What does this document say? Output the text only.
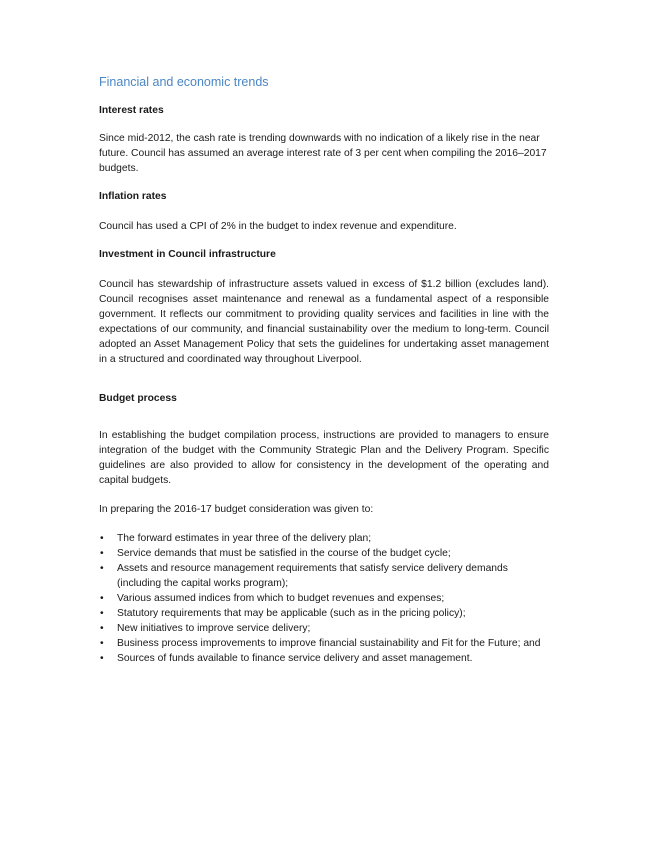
Financial and economic trends
Interest rates
Since mid-2012, the cash rate is trending downwards with no indication of a likely rise in the near future. Council has assumed an average interest rate of 3 per cent when compiling the 2016–2017 budgets.
Inflation rates
Council has used a CPI of 2% in the budget to index revenue and expenditure.
Investment in Council infrastructure
Council has stewardship of infrastructure assets valued in excess of $1.2 billion (excludes land). Council recognises asset maintenance and renewal as a fundamental aspect of a responsible government. It reflects our commitment to providing quality services and facilities in line with the expectations of our community, and financial sustainability over the medium to long-term. Council adopted an Asset Management Policy that sets the guidelines for undertaking asset management in a structured and coordinated way throughout Liverpool.
Budget process
In establishing the budget compilation process, instructions are provided to managers to ensure integration of the budget with the Community Strategic Plan and the Delivery Program. Specific guidelines are also provided to allow for consistency in the development of the operating and capital budgets.
In preparing the 2016-17 budget consideration was given to:
• The forward estimates in year three of the delivery plan;
• Service demands that must be satisfied in the course of the budget cycle;
• Assets and resource management requirements that satisfy service delivery demands (including the capital works program);
• Various assumed indices from which to budget revenues and expenses;
• Statutory requirements that may be applicable (such as in the pricing policy);
• New initiatives to improve service delivery;
• Business process improvements to improve financial sustainability and Fit for the Future; and
• Sources of funds available to finance service delivery and asset management.
